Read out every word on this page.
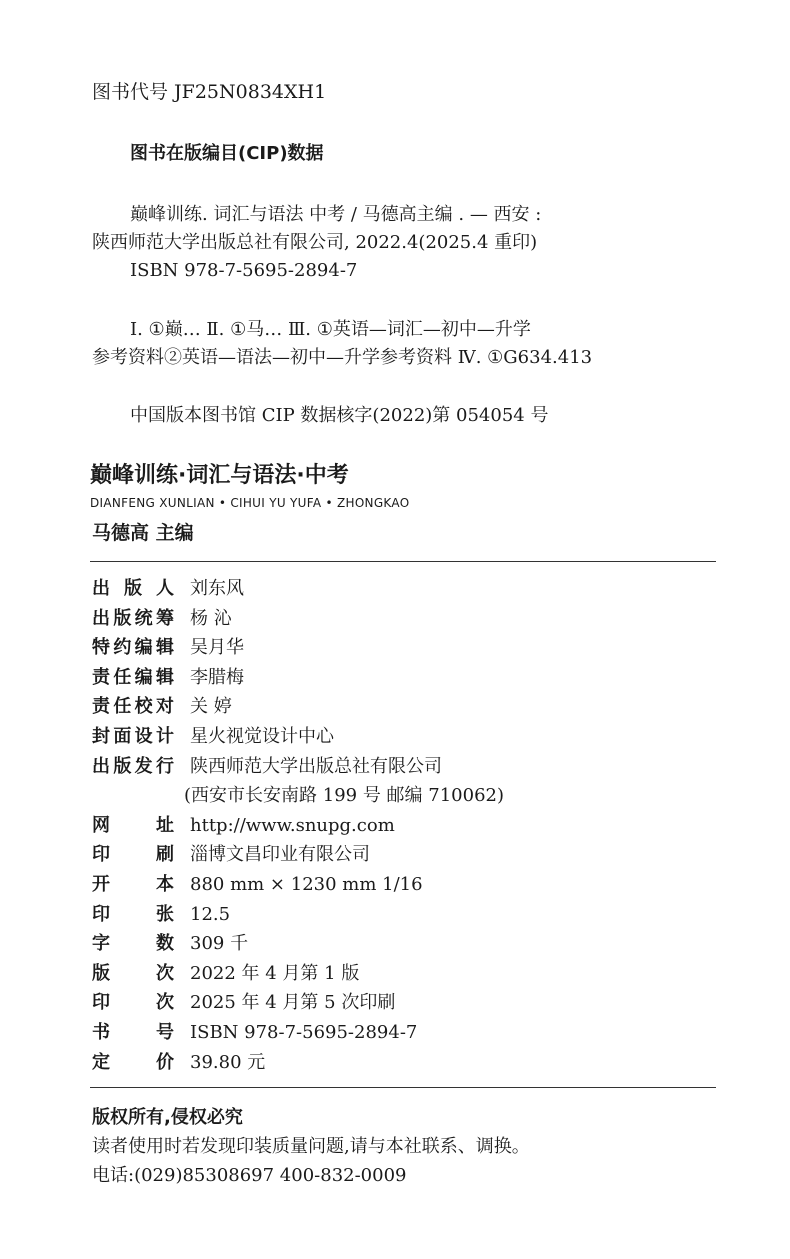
图书代号 JF25N0834XH1
图书在版编目(CIP)数据
巅峰训练. 词汇与语法 中考 / 马德高主编 . — 西安 :
陕西师范大学出版总社有限公司, 2022.4(2025.4 重印)
ISBN 978-7-5695-2894-7
Ⅰ. ①巅… Ⅱ. ①马… Ⅲ. ①英语—词汇—初中—升学
参考资料②英语—语法—初中—升学参考资料 Ⅳ. ①G634.413
中国版本图书馆 CIP 数据核字(2022)第 054054 号
巅峰训练·词汇与语法·中考
DIANFENG XUNLIAN • CIHUI YU YUFA • ZHONGKAO
马德高 主编
出 版 人 刘东风
出 版 统 筹 杨 沁
特 约 编 辑 吴月华
责 任 编 辑 李腊梅
责 任 校 对 关 婷
封 面 设 计 星火视觉设计中心
出 版 发 行 陕西师范大学出版总社有限公司
(西安市长安南路 199 号 邮编 710062)
网	址 http://www.snupg.com
印	刷 淄博文昌印业有限公司
开	本 880 mm × 1230 mm 1/16
印	张 12.5
字	数 309 千
版	次 2022 年 4 月第 1 版
印	次 2025 年 4 月第 5 次印刷
书	号 ISBN 978-7-5695-2894-7
定	价 39.80 元
版权所有,侵权必究
读者使用时若发现印装质量问题,请与本社联系、调换。
电话:(029)85308697 400-832-0009
